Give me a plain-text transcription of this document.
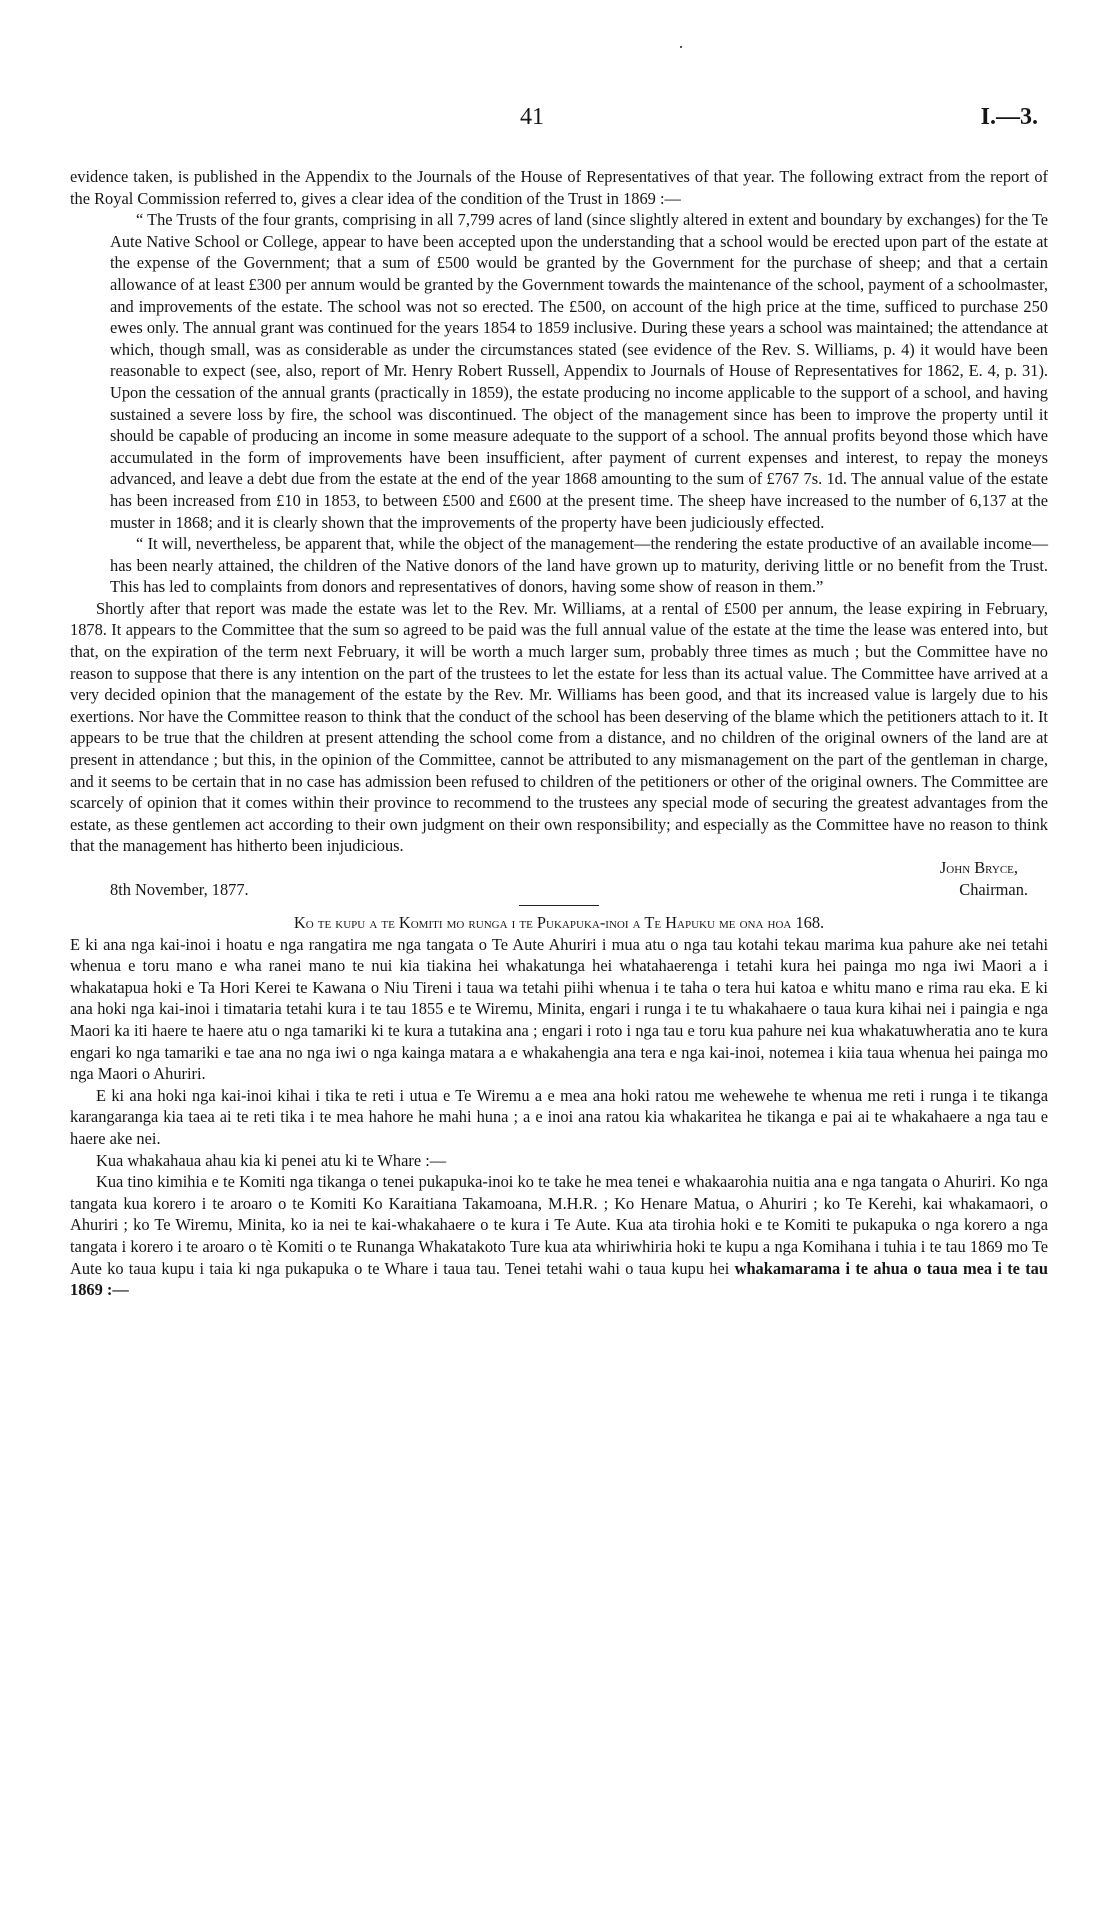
41	I.—3.

evidence taken, is published in the Appendix to the Journals of the House of Representatives of that year. The following extract from the report of the Royal Commission referred to, gives a clear idea of the condition of the Trust in 1869 :—

“ The Trusts of the four grants, comprising in all 7,799 acres of land (since slightly altered in extent and boundary by exchanges) for the Te Aute Native School or College, appear to have been accepted upon the understanding that a school would be erected upon part of the estate at the expense of the Government; that a sum of £500 would be granted by the Government for the purchase of sheep; and that a certain allowance of at least £300 per annum would be granted by the Government towards the maintenance of the school, payment of a schoolmaster, and improvements of the estate. The school was not so erected. The £500, on account of the high price at the time, sufficed to purchase 250 ewes only. The annual grant was continued for the years 1854 to 1859 inclusive. During these years a school was maintained; the attendance at which, though small, was as considerable as under the circumstances stated (see evidence of the Rev. S. Williams, p. 4) it would have been reasonable to expect (see, also, report of Mr. Henry Robert Russell, Appendix to Journals of House of Representatives for 1862, E. 4, p. 31). Upon the cessation of the annual grants (practically in 1859), the estate producing no income applicable to the support of a school, and having sustained a severe loss by fire, the school was discontinued. The object of the management since has been to improve the property until it should be capable of producing an income in some measure adequate to the support of a school. The annual profits beyond those which have accumulated in the form of improvements have been insufficient, after payment of current expenses and interest, to repay the moneys advanced, and leave a debt due from the estate at the end of the year 1868 amounting to the sum of £767 7s. 1d. The annual value of the estate has been increased from £10 in 1853, to between £500 and £600 at the present time. The sheep have increased to the number of 6,137 at the muster in 1868; and it is clearly shown that the improvements of the property have been judiciously effected.

“ It will, nevertheless, be apparent that, while the object of the management—the rendering the estate productive of an available income—has been nearly attained, the children of the Native donors of the land have grown up to maturity, deriving little or no benefit from the Trust. This has led to complaints from donors and representatives of donors, having some show of reason in them.”

Shortly after that report was made the estate was let to the Rev. Mr. Williams, at a rental of £500 per annum, the lease expiring in February, 1878. It appears to the Committee that the sum so agreed to be paid was the full annual value of the estate at the time the lease was entered into, but that, on the expiration of the term next February, it will be worth a much larger sum, probably three times as much ; but the Committee have no reason to suppose that there is any intention on the part of the trustees to let the estate for less than its actual value. The Committee have arrived at a very decided opinion that the management of the estate by the Rev. Mr. Williams has been good, and that its increased value is largely due to his exertions. Nor have the Committee reason to think that the conduct of the school has been deserving of the blame which the petitioners attach to it. It appears to be true that the children at present attending the school come from a distance, and no children of the original owners of the land are at present in attendance ; but this, in the opinion of the Committee, cannot be attributed to any mismanagement on the part of the gentleman in charge, and it seems to be certain that in no case has admission been refused to children of the petitioners or other of the original owners. The Committee are scarcely of opinion that it comes within their province to recommend to the trustees any special mode of securing the greatest advantages from the estate, as these gentlemen act according to their own judgment on their own responsibility; and especially as the Committee have no reason to think that the management has hitherto been injudicious.

John Bryce,
8th November, 1877.	Chairman.

Ko te kupu a te Komiti mo runga i te Pukapuka-inoi a Te Hapuku me ona hoa 168.

E ki ana nga kai-inoi i hoatu e nga rangatira me nga tangata o Te Aute Ahuriri i mua atu o nga tau kotahi tekau marima kua pahure ake nei tetahi whenua e toru mano e wha ranei mano te nui kia tiakina hei whakatunga hei whatahaerenga i tetahi kura hei painga mo nga iwi Maori a i whakatapua hoki e Ta Hori Kerei te Kawana o Niu Tireni i taua wa tetahi piihi whenua i te taha o tera hui katoa e whitu mano e rima rau eka. E ki ana hoki nga kai-inoi i timataria tetahi kura i te tau 1855 e te Wiremu, Minita, engari i runga i te tu whakahaere o taua kura kihai nei i paingia e nga Maori ka iti haere te haere atu o nga tamariki ki te kura a tutakina ana ; engari i roto i nga tau e toru kua pahure nei kua whakatuwheratia ano te kura engari ko nga tamariki e tae ana no nga iwi o nga kainga matara a e whakahengia ana tera e nga kai-inoi, notemea i kiia taua whenua hei painga mo nga Maori o Ahuriri.

E ki ana hoki nga kai-inoi kihai i tika te reti i utua e Te Wiremu a e mea ana hoki ratou me wehewehe te whenua me reti i runga i te tikanga karangaranga kia taea ai te reti tika i te mea hahore he mahi huna ; a e inoi ana ratou kia whakaritea he tikanga e pai ai te whakahaere a nga tau e haere ake nei.

Kua whakahaua ahau kia ki penei atu ki te Whare :—

Kua tino kimihia e te Komiti nga tikanga o tenei pukapuka-inoi ko te take he mea tenei e whakaarohia nuitia ana e nga tangata o Ahuriri. Ko nga tangata kua korero i te aroaro o te Komiti Ko Karaitiana Takamoana, M.H.R. ; Ko Henare Matua, o Ahuriri ; ko Te Kerehi, kai whakamaori, o Ahuriri ; ko Te Wiremu, Minita, ko ia nei te kai-whakahaere o te kura i Te Aute. Kua ata tirohia hoki e te Komiti te pukapuka o nga korero a nga tangata i korero i te aroaro o tè Komiti o te Runanga Whakatakoto Ture kua ata whiriwhiria hoki te kupu a nga Komihana i tuhia i te tau 1869 mo Te Aute ko taua kupu i taia ki nga pukapuka o te Whare i taua tau. Tenei tetahi wahi o taua kupu hei whakamarama i te ahua o taua mea i te tau 1869 :—
